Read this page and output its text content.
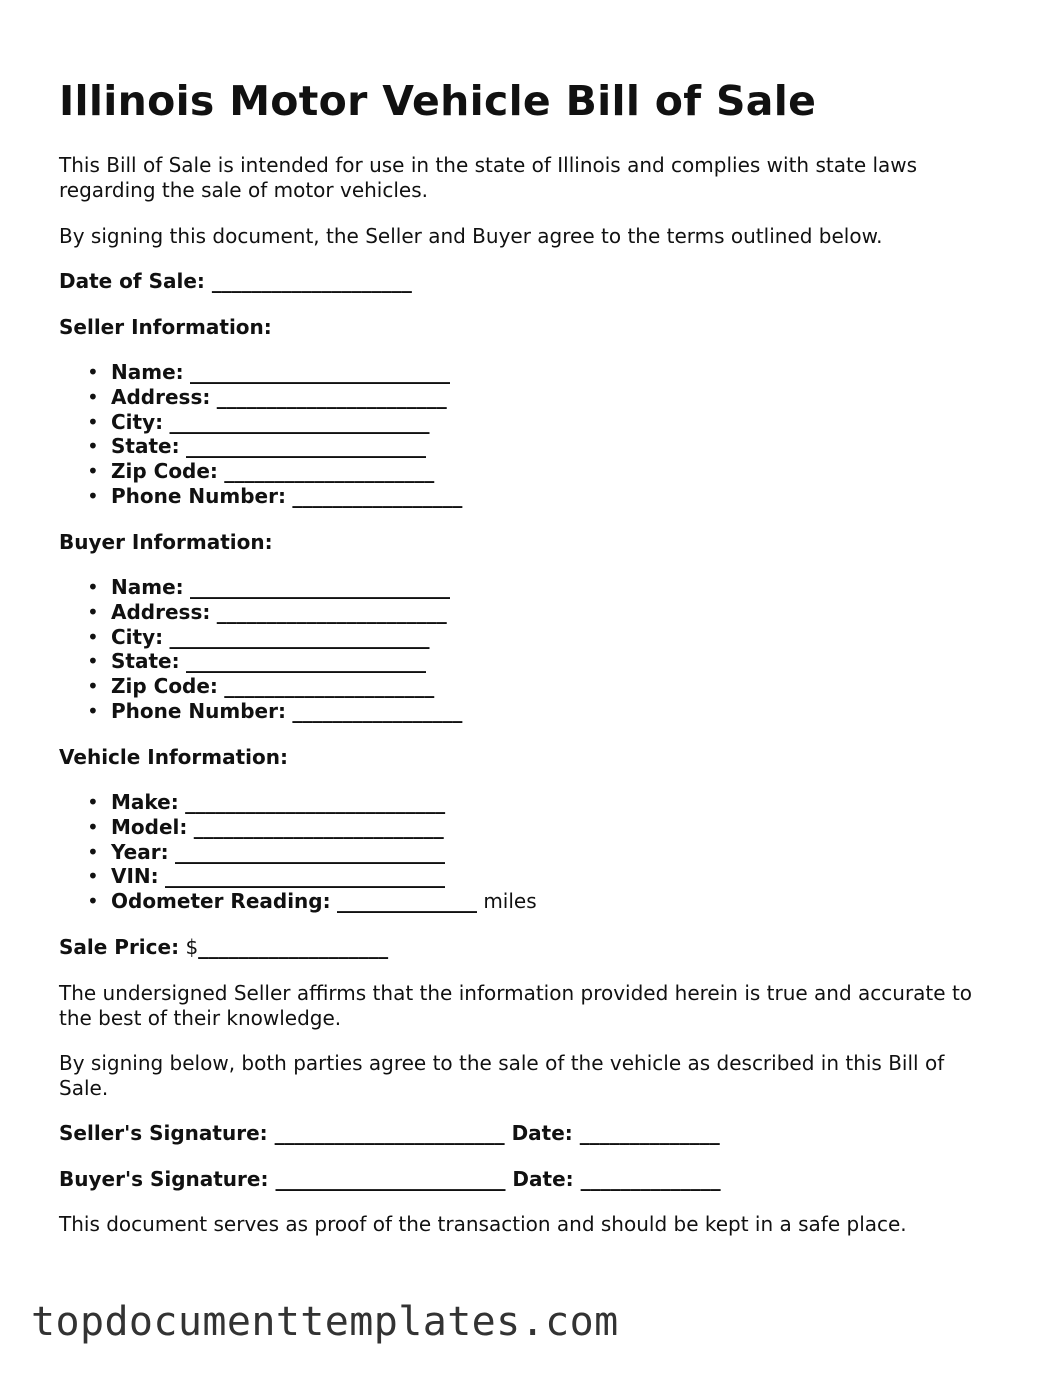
Illinois Motor Vehicle Bill of Sale

This Bill of Sale is intended for use in the state of Illinois and complies with state laws regarding the sale of motor vehicles.

By signing this document, the Seller and Buyer agree to the terms outlined below.

Date of Sale: ____________________

Seller Information:

• Name: __________________________
• Address: _______________________
• City: __________________________
• State: ________________________
• Zip Code: _____________________
• Phone Number: _________________

Buyer Information:

• Name: __________________________
• Address: _______________________
• City: __________________________
• State: ________________________
• Zip Code: _____________________
• Phone Number: _________________

Vehicle Information:

• Make: __________________________
• Model: _________________________
• Year: ___________________________
• VIN: ____________________________
• Odometer Reading: ______________ miles

Sale Price: $___________________

The undersigned Seller affirms that the information provided herein is true and accurate to the best of their knowledge.

By signing below, both parties agree to the sale of the vehicle as described in this Bill of Sale.

Seller's Signature: _______________________ Date: ______________

Buyer's Signature: _______________________ Date: ______________

This document serves as proof of the transaction and should be kept in a safe place.

topdocumenttemplates.com
